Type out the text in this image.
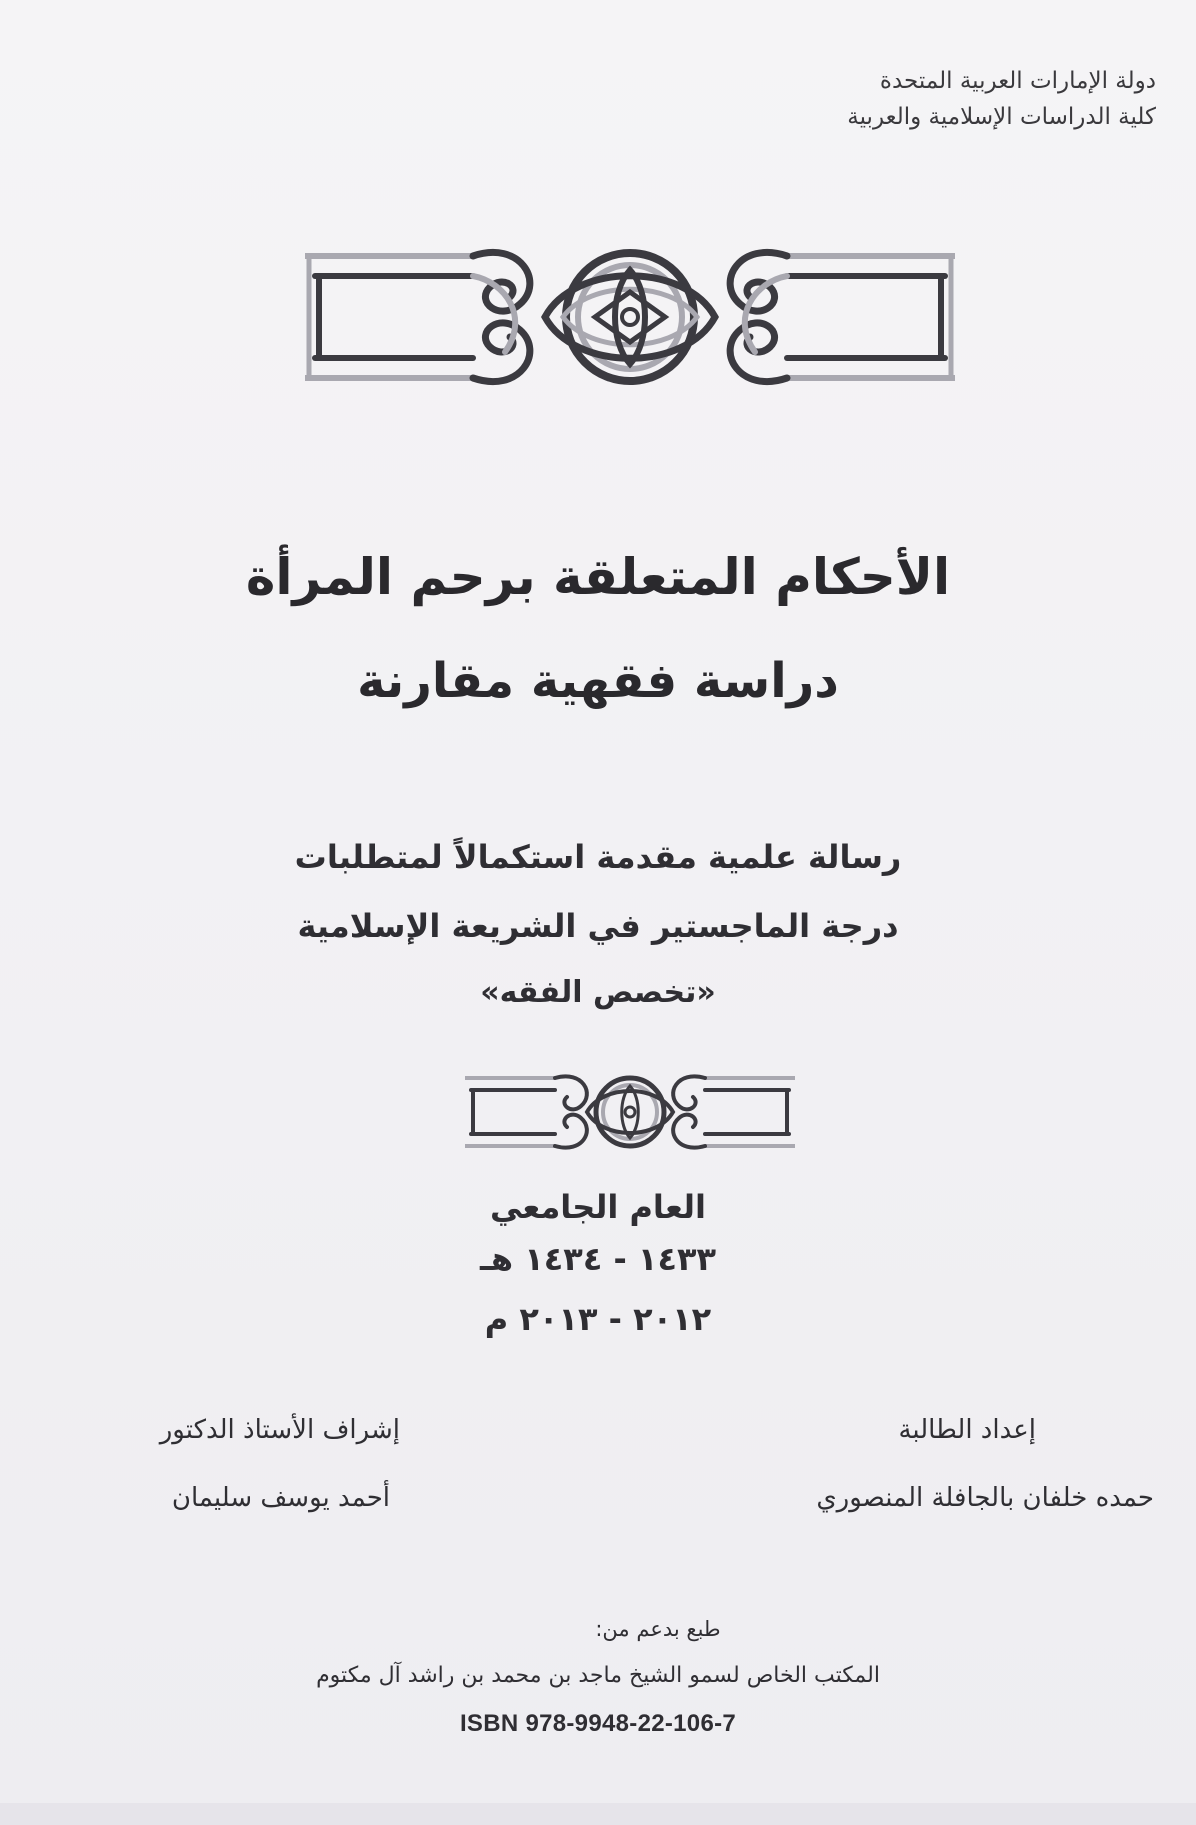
دولة الإمارات العربية المتحدة
كلية الدراسات الإسلامية والعربية
الأحكام المتعلقة برحم المرأة
دراسة فقهية مقارنة
رسالة علمية مقدمة استكمالاً لمتطلبات
درجة الماجستير في الشريعة الإسلامية
«تخصص الفقه»
العام الجامعي
١٤٣٣ - ١٤٣٤ هـ
٢٠١٢ - ٢٠١٣ م
إعداد الطالبة
حمده خلفان بالجافلة المنصوري
إشراف الأستاذ الدكتور
أحمد يوسف سليمان
طبع بدعم من:
المكتب الخاص لسمو الشيخ ماجد بن محمد بن راشد آل مكتوم
ISBN 978-9948-22-106-7
